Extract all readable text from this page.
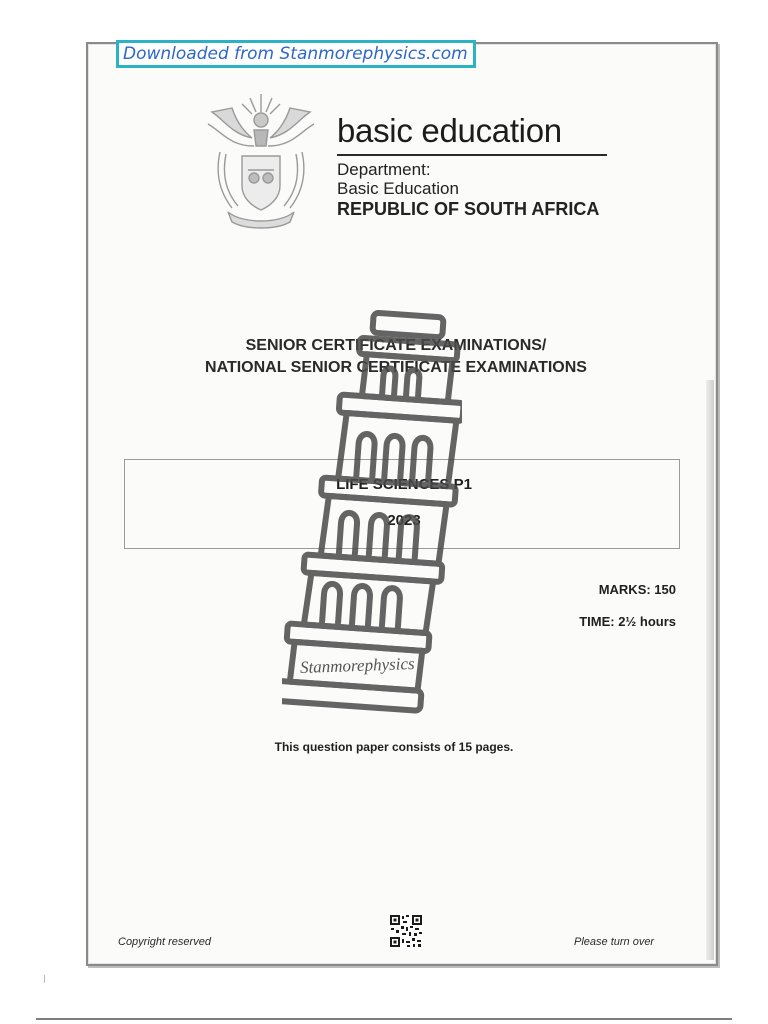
Downloaded from Stanmorephysics.com
basic education
Department:
Basic Education
REPUBLIC OF SOUTH AFRICA
SENIOR CERTIFICATE EXAMINATIONS/
NATIONAL SENIOR CERTIFICATE EXAMINATIONS
LIFE SCIENCES P1
2023
MARKS: 150
TIME: 2½ hours
Stanmorephysics
This question paper consists of 15 pages.
Copyright reserved	Please turn over
